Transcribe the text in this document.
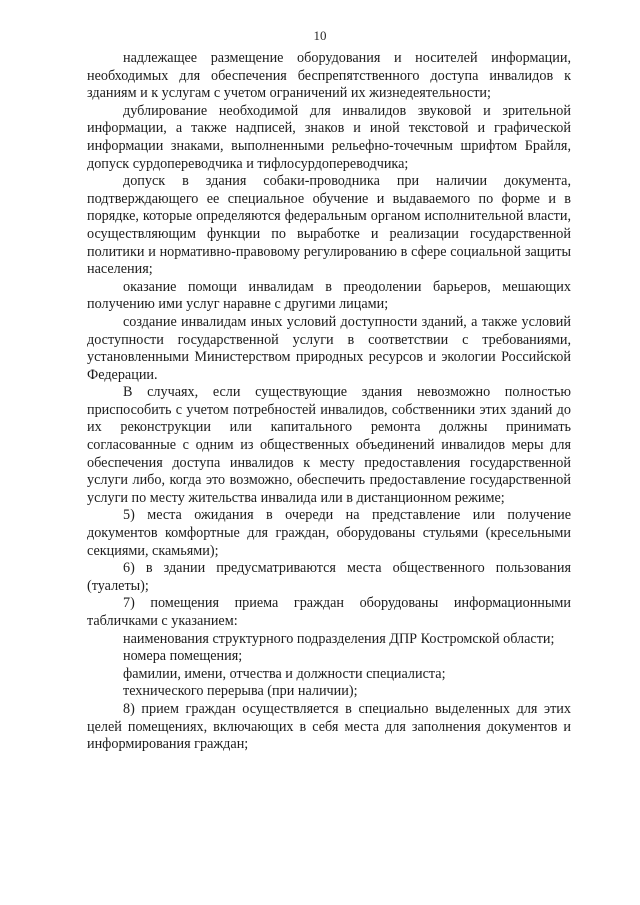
10

надлежащее размещение оборудования и носителей информации, необходимых для обеспечения беспрепятственного доступа инвалидов к зданиям и к услугам с учетом ограничений их жизнедеятельности;

дублирование необходимой для инвалидов звуковой и зрительной информации, а также надписей, знаков и иной текстовой и графической информации знаками, выполненными рельефно-точечным шрифтом Брайля, допуск сурдопереводчика и тифлосурдопереводчика;

допуск в здания собаки-проводника при наличии документа, подтверждающего ее специальное обучение и выдаваемого по форме и в порядке, которые определяются федеральным органом исполнительной власти, осуществляющим функции по выработке и реализации государственной политики и нормативно-правовому регулированию в сфере социальной защиты населения;

оказание помощи инвалидам в преодолении барьеров, мешающих получению ими услуг наравне с другими лицами;

создание инвалидам иных условий доступности зданий, а также условий доступности государственной услуги в соответствии с требованиями, установленными Министерством природных ресурсов и экологии Российской Федерации.

В случаях, если существующие здания невозможно полностью приспособить с учетом потребностей инвалидов, собственники этих зданий до их реконструкции или капитального ремонта должны принимать согласованные с одним из общественных объединений инвалидов меры для обеспечения доступа инвалидов к месту предоставления государственной услуги либо, когда это возможно, обеспечить предоставление государственной услуги по месту жительства инвалида или в дистанционном режиме;

5) места ожидания в очереди на представление или получение документов комфортные для граждан, оборудованы стульями (кресельными секциями, скамьями);

6) в здании предусматриваются места общественного пользования (туалеты);

7) помещения приема граждан оборудованы информационными табличками с указанием:

наименования структурного подразделения ДПР Костромской области;

номера помещения;

фамилии, имени, отчества и должности специалиста;

технического перерыва (при наличии);

8) прием граждан осуществляется в специально выделенных для этих целей помещениях, включающих в себя места для заполнения документов и информирования граждан;
